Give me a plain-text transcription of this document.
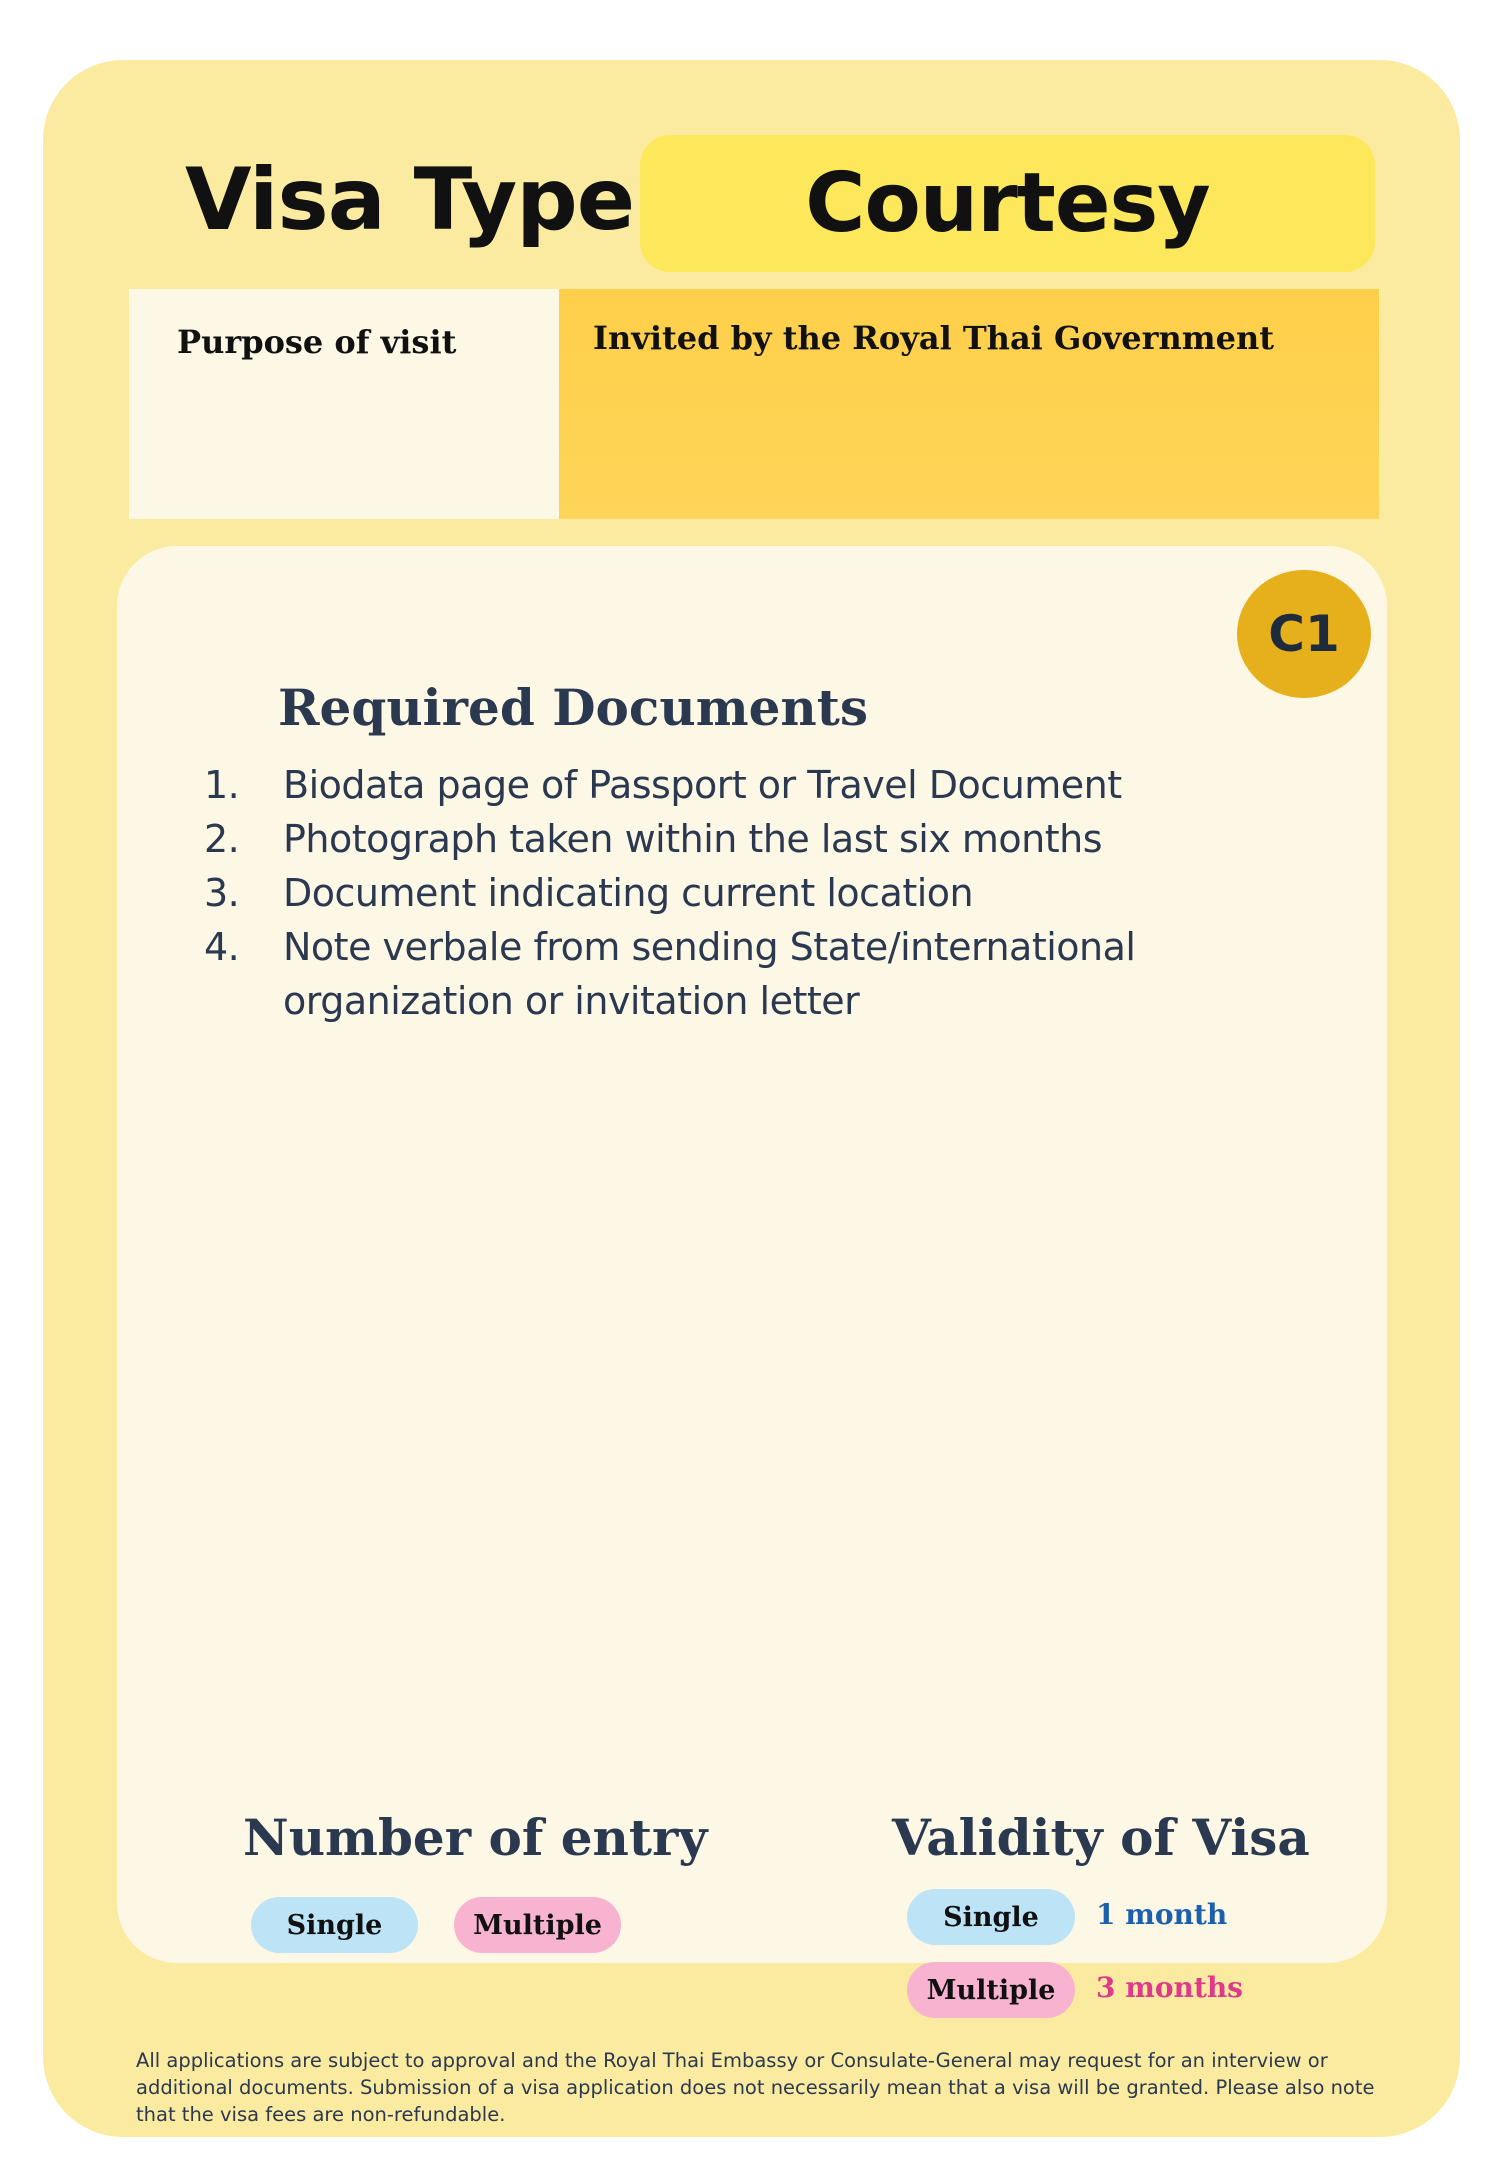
Visa Type	Courtesy
Purpose of visit	Invited by the Royal Thai Government
C1
Required Documents
1. Biodata page of Passport or Travel Document
2. Photograph taken within the last six months
3. Document indicating current location
4. Note verbale from sending State/international organization or invitation letter
Number of entry
Single	Multiple
Validity of Visa
Single	1 month
Multiple	3 months
All applications are subject to approval and the Royal Thai Embassy or Consulate-General may request for an interview or additional documents. Submission of a visa application does not necessarily mean that a visa will be granted. Please also note that the visa fees are non-refundable.
